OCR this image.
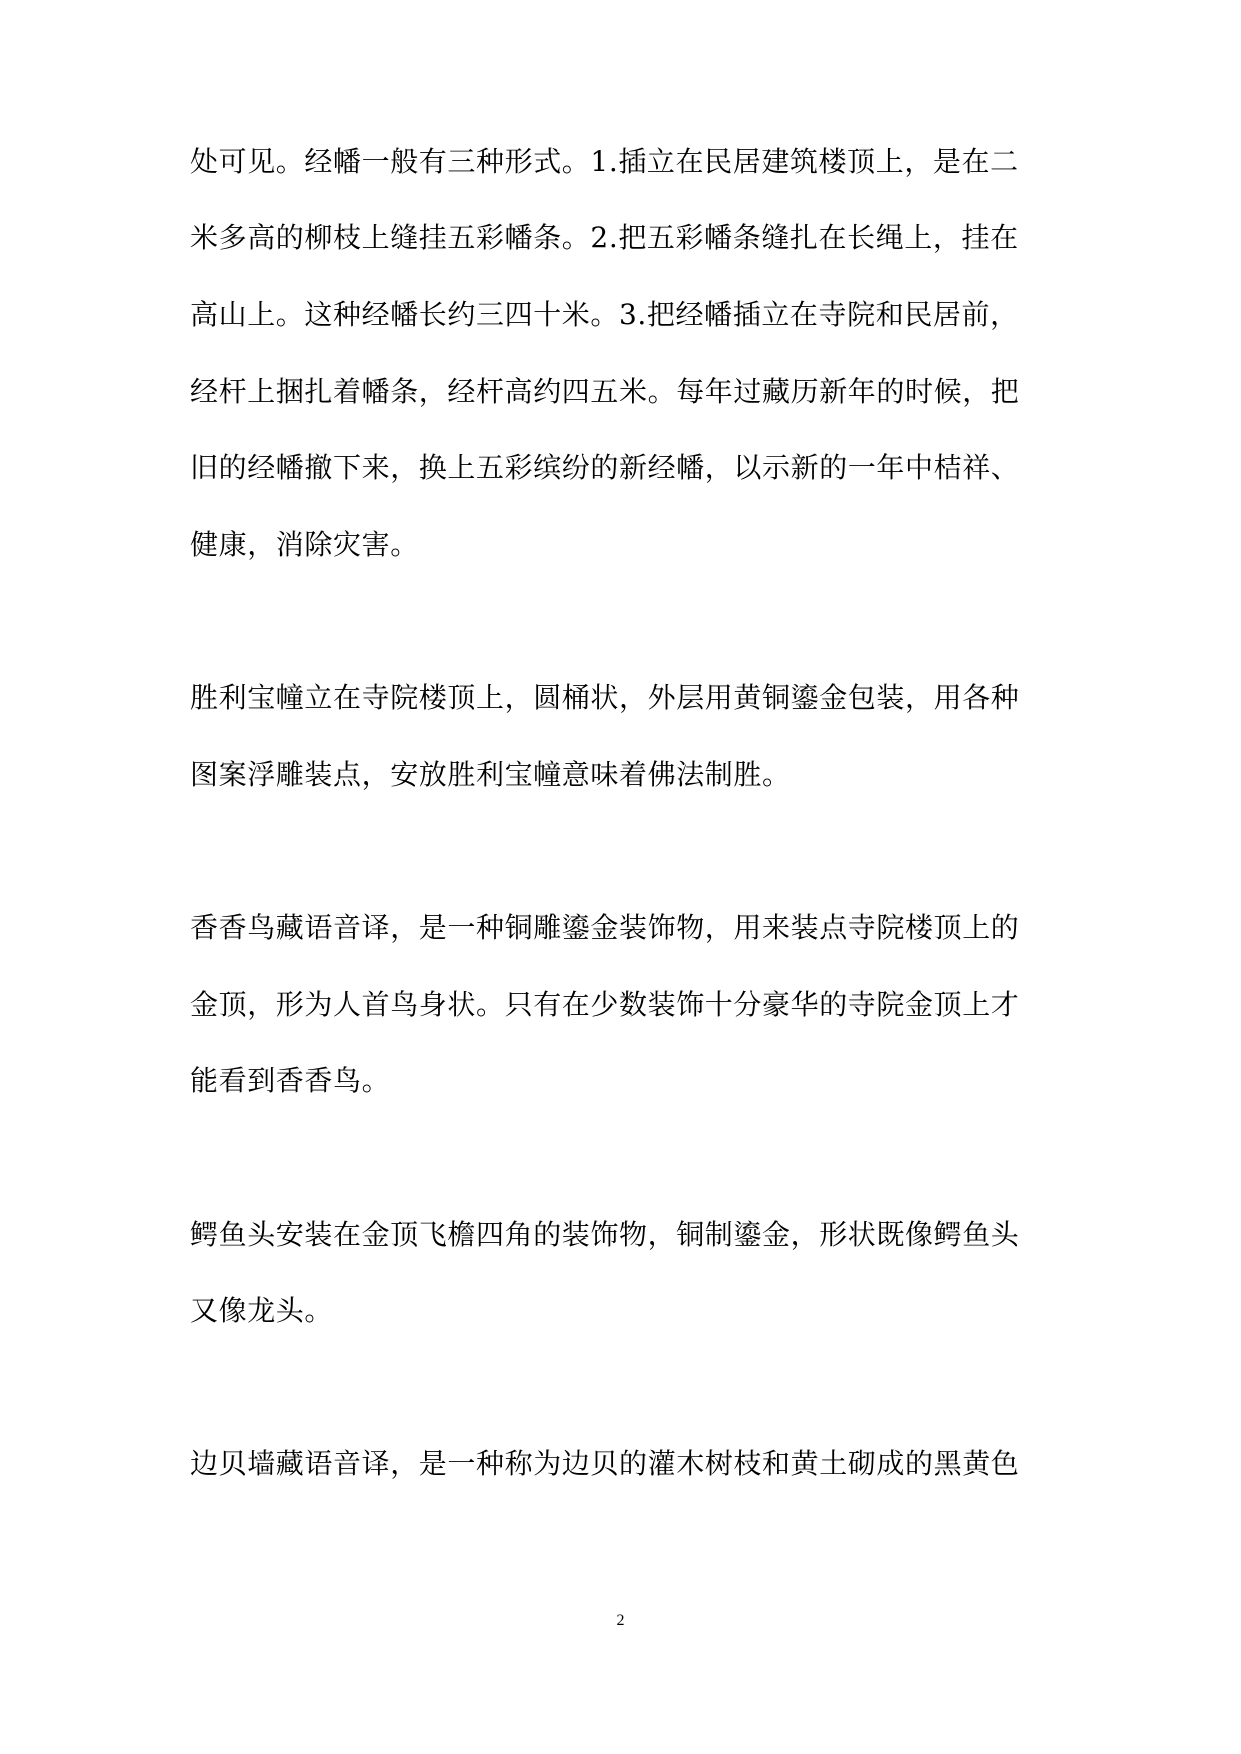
处可见。经幡一般有三种形式。1.插立在民居建筑楼顶上，是在二
米多高的柳枝上缝挂五彩幡条。2.把五彩幡条缝扎在长绳上，挂在
高山上。这种经幡长约三四十米。3.把经幡插立在寺院和民居前，
经杆上捆扎着幡条，经杆高约四五米。每年过藏历新年的时候，把
旧的经幡撤下来，换上五彩缤纷的新经幡，以示新的一年中桔祥、
健康，消除灾害。
胜利宝幢立在寺院楼顶上，圆桶状，外层用黄铜鎏金包装，用各种
图案浮雕装点，安放胜利宝幢意味着佛法制胜。
香香鸟藏语音译，是一种铜雕鎏金装饰物，用来装点寺院楼顶上的
金顶，形为人首鸟身状。只有在少数装饰十分豪华的寺院金顶上才
能看到香香鸟。
鳄鱼头安装在金顶飞檐四角的装饰物，铜制鎏金，形状既像鳄鱼头
又像龙头。
边贝墙藏语音译，是一种称为边贝的灌木树枝和黄土砌成的黑黄色
2
